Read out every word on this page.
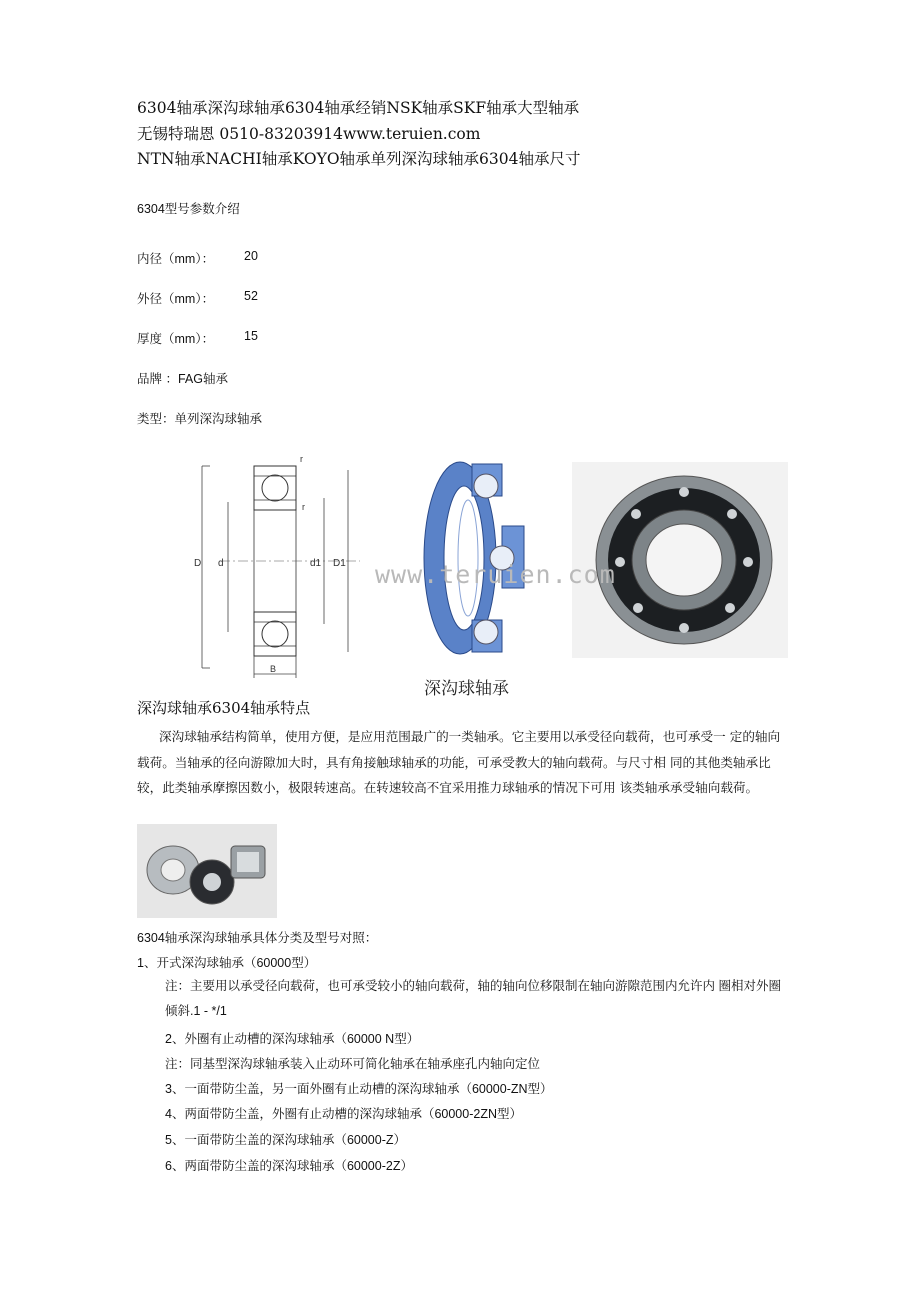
6304轴承深沟球轴承6304轴承经销NSK轴承SKF轴承大型轴承
无锡特瑞恩 0510-83203914www.teruien.com
NTN轴承NACHI轴承KOYO轴承单列深沟球轴承6304轴承尺寸
6304型号参数介绍
内径（mm）： 20
外径（mm）： 52
厚度（mm）： 15
品牌 ：FAG轴承
类型：单列深沟球轴承
r
r
D d	d1 D1
B
www.teruien.com
深沟球轴承
深沟球轴承6304轴承特点
深沟球轴承结构简单，使用方便，是应用范围最广的一类轴承。它主要用以承受径向载荷，也可承受一 定的轴向载荷。当轴承的径向游隙加大时，具有角接触球轴承的功能，可承受教大的轴向载荷。与尺寸相 同的其他类轴承比较，此类轴承摩擦因数小，极限转速高。在转速较高不宜采用推力球轴承的情况下可用 该类轴承承受轴向载荷。
6304轴承深沟球轴承具体分类及型号对照：
1、开式深沟球轴承（60000型）
注：主要用以承受径向载荷，也可承受较小的轴向载荷，轴的轴向位移限制在轴向游隙范围内允许内 圈相对外圈倾斜.1 - */1
2、外圈有止动槽的深沟球轴承（60000 N型）
注：同基型深沟球轴承装入止动环可简化轴承在轴承座孔内轴向定位
3、一面带防尘盖，另一面外圈有止动槽的深沟球轴承（60000-ZN型）
4、两面带防尘盖，外圈有止动槽的深沟球轴承（60000-2ZN型）
5、一面带防尘盖的深沟球轴承（60000-Z）
6、两面带防尘盖的深沟球轴承（60000-2Z）
